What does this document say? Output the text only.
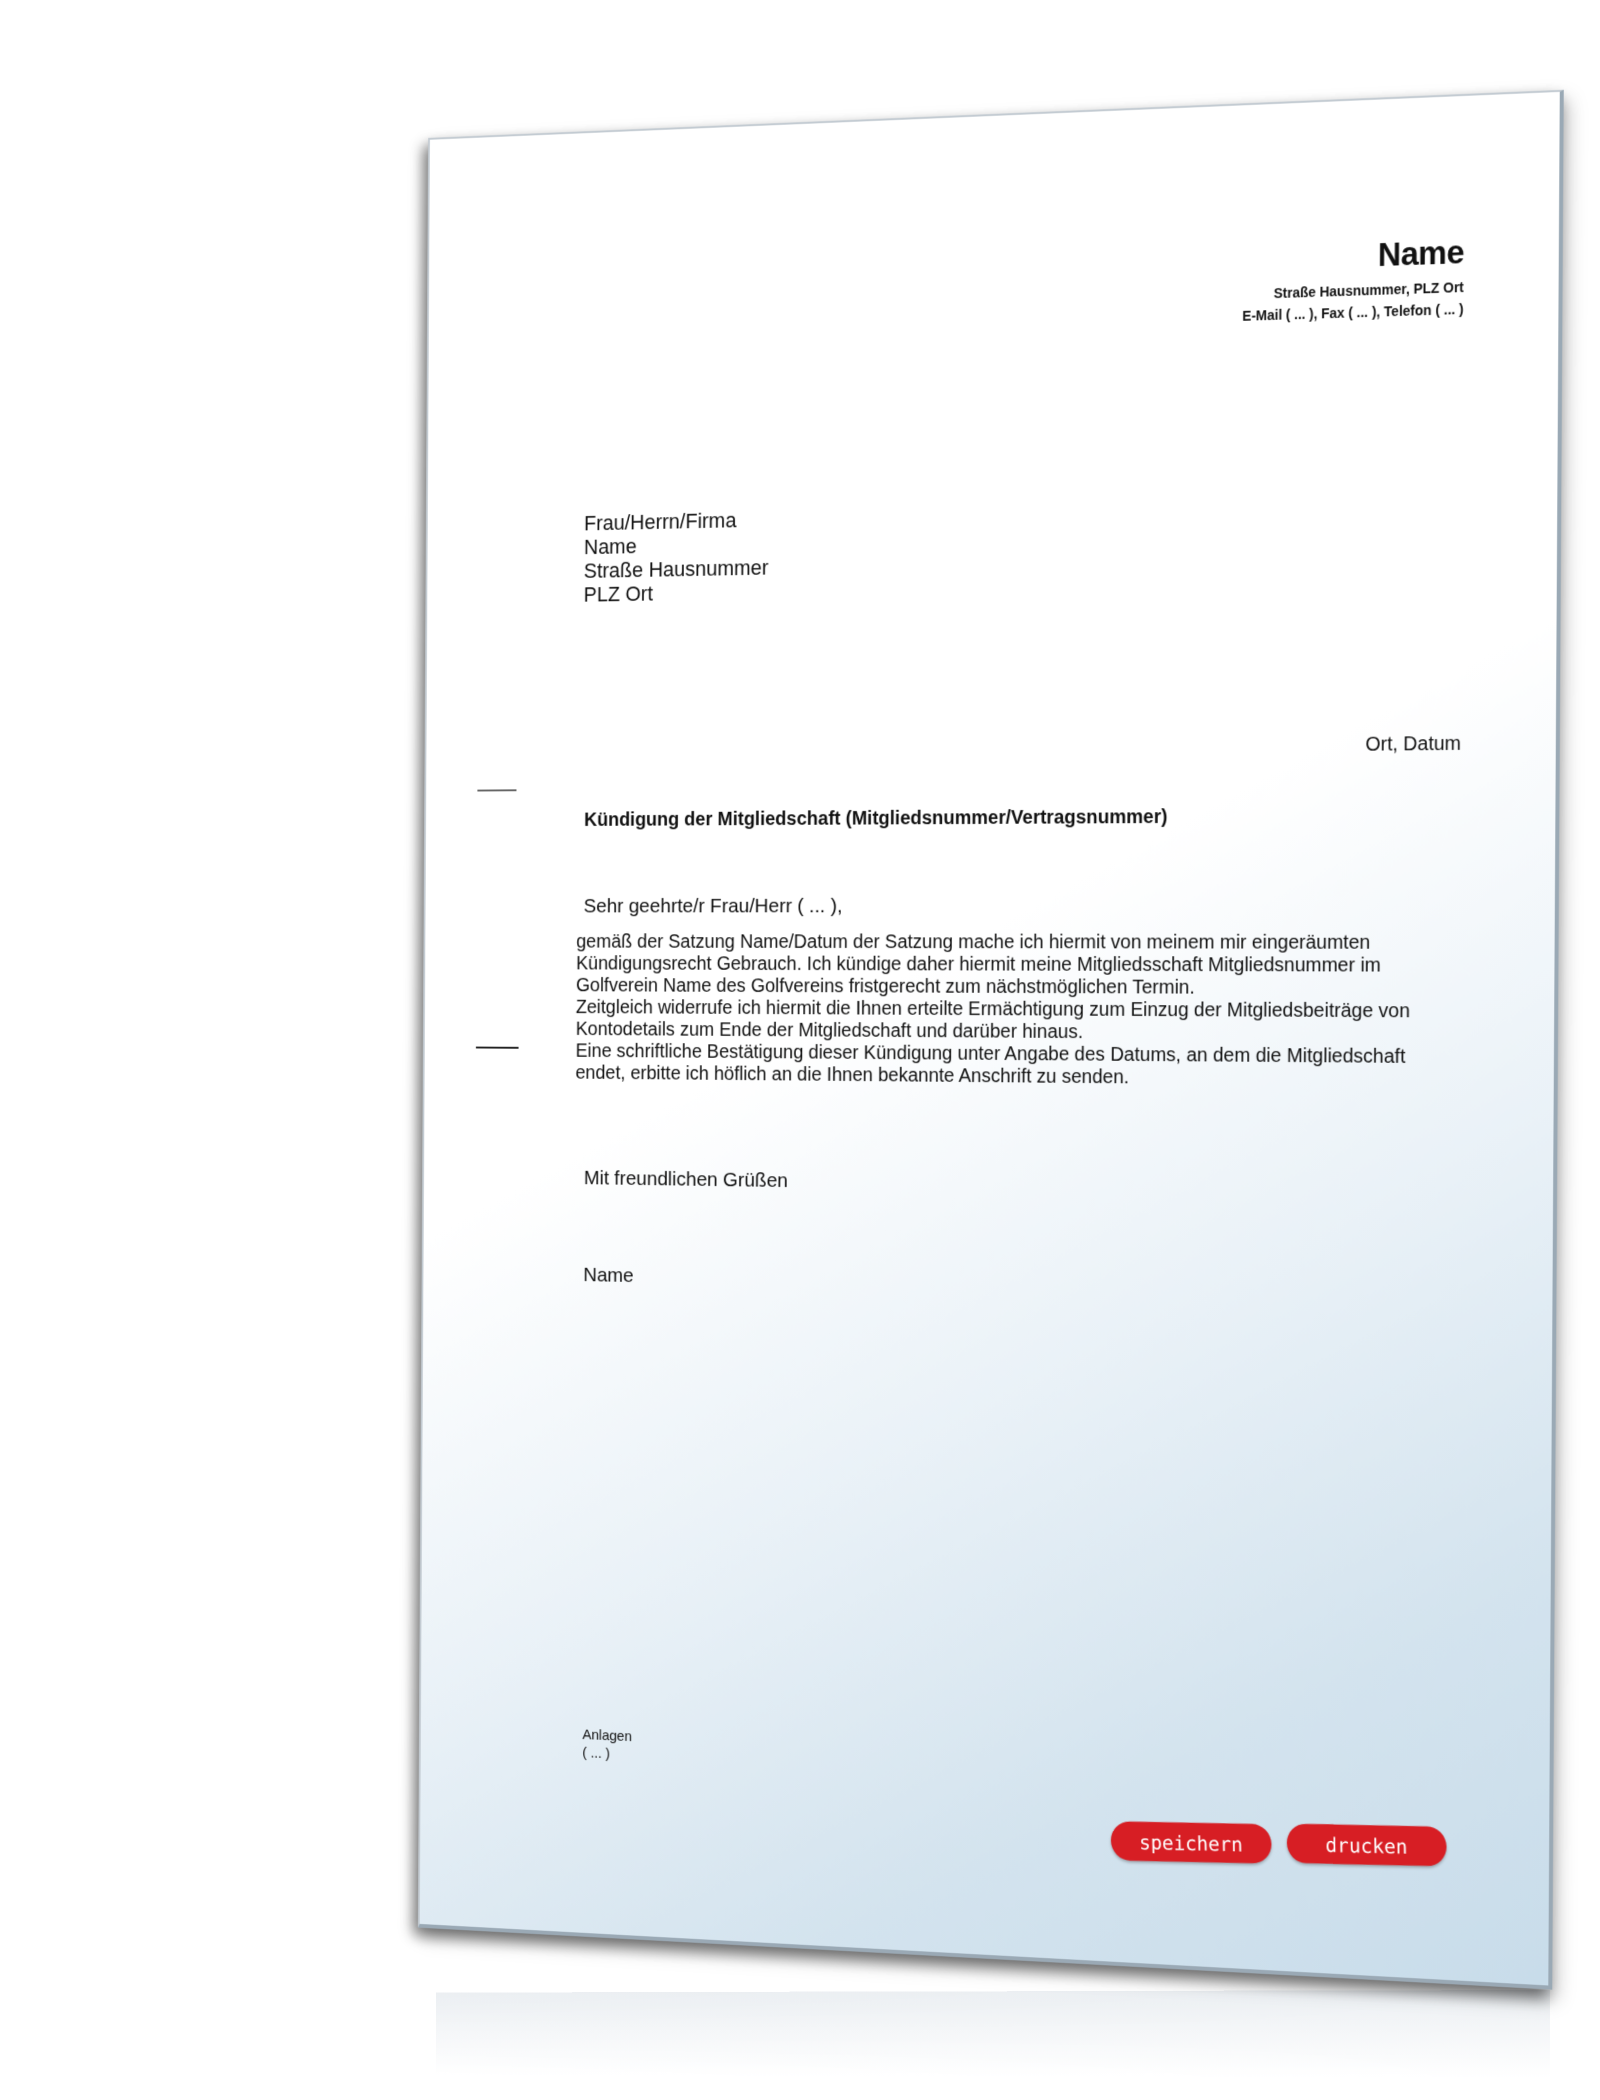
Name
Straße Hausnummer, PLZ Ort
E-Mail ( ... ), Fax ( ... ), Telefon ( ... )
Frau/Herrn/Firma
Name
Straße Hausnummer
PLZ Ort
Ort, Datum
Kündigung der Mitgliedschaft (Mitgliedsnummer/Vertragsnummer)
Sehr geehrte/r Frau/Herr ( ... ),

gemäß der Satzung Name/Datum der Satzung mache ich hiermit von meinem mir eingeräumten

Kündigungsrecht Gebrauch. Ich kündige daher hiermit meine Mitgliedsschaft Mitgliedsnummer im

Golfverein Name des Golfvereins fristgerecht zum nächstmöglichen Termin.

Zeitgleich widerrufe ich hiermit die Ihnen erteilte Ermächtigung zum Einzug der Mitgliedsbeiträge von

Kontodetails zum Ende der Mitgliedschaft und darüber hinaus.

Eine schriftliche Bestätigung dieser Kündigung unter Angabe des Datums, an dem die Mitgliedschaft

endet, erbitte ich höflich an die Ihnen bekannte Anschrift zu senden.

Mit freundlichen Grüßen
Name
Anlagen
( ... )
speichern	drucken
